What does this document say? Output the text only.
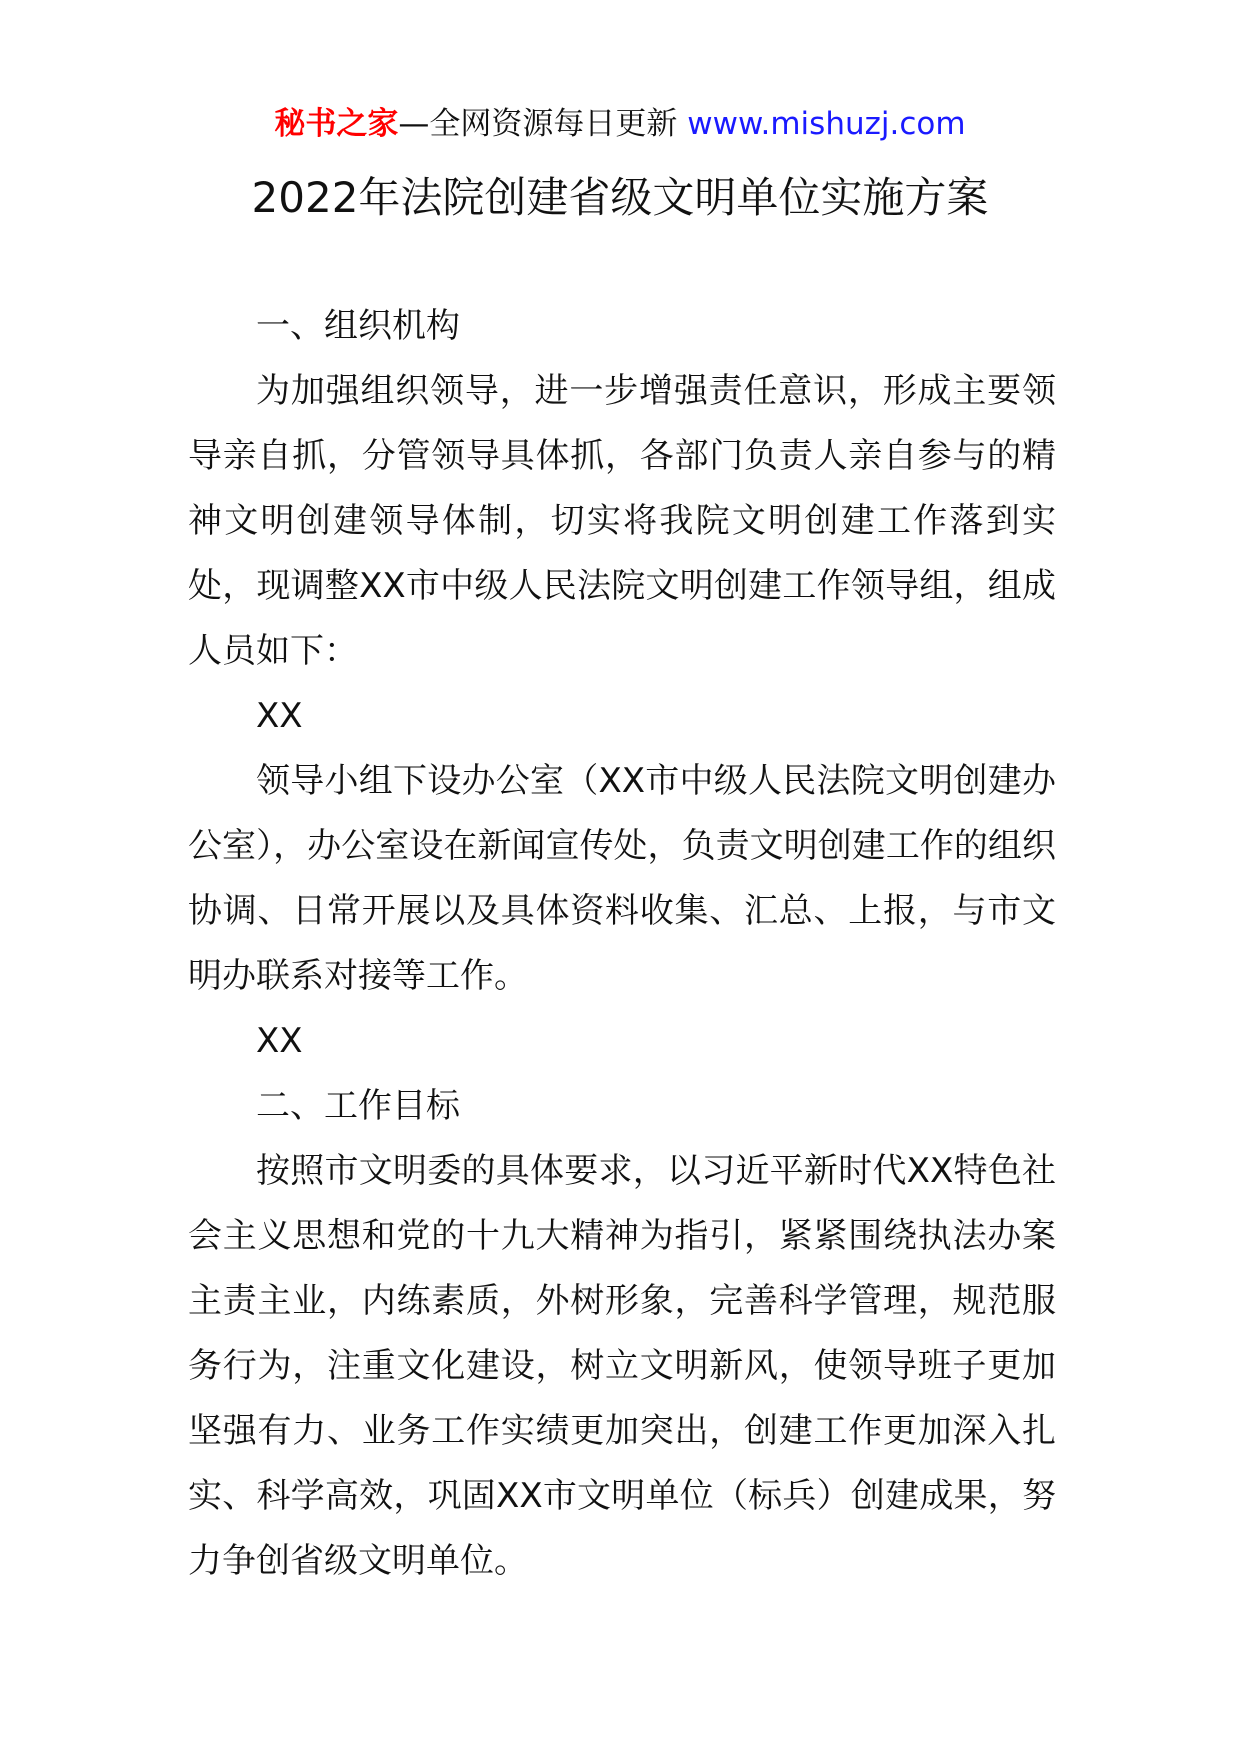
秘书之家—全网资源每日更新 www.mishuzj.com
2022年法院创建省级文明单位实施方案

一、组织机构

为加强组织领导，进一步增强责任意识，形成主要领导亲自抓，分管领导具体抓，各部门负责人亲自参与的精神文明创建领导体制，切实将我院文明创建工作落到实处，现调整XX市中级人民法院文明创建工作领导组，组成人员如下：

XX

领导小组下设办公室（XX市中级人民法院文明创建办公室），办公室设在新闻宣传处，负责文明创建工作的组织协调、日常开展以及具体资料收集、汇总、上报，与市文明办联系对接等工作。

XX

二、工作目标

按照市文明委的具体要求，以习近平新时代XX特色社会主义思想和党的十九大精神为指引，紧紧围绕执法办案主责主业，内练素质，外树形象，完善科学管理，规范服务行为，注重文化建设，树立文明新风，使领导班子更加坚强有力、业务工作实绩更加突出，创建工作更加深入扎实、科学高效，巩固XX市文明单位（标兵）创建成果，努力争创省级文明单位。
